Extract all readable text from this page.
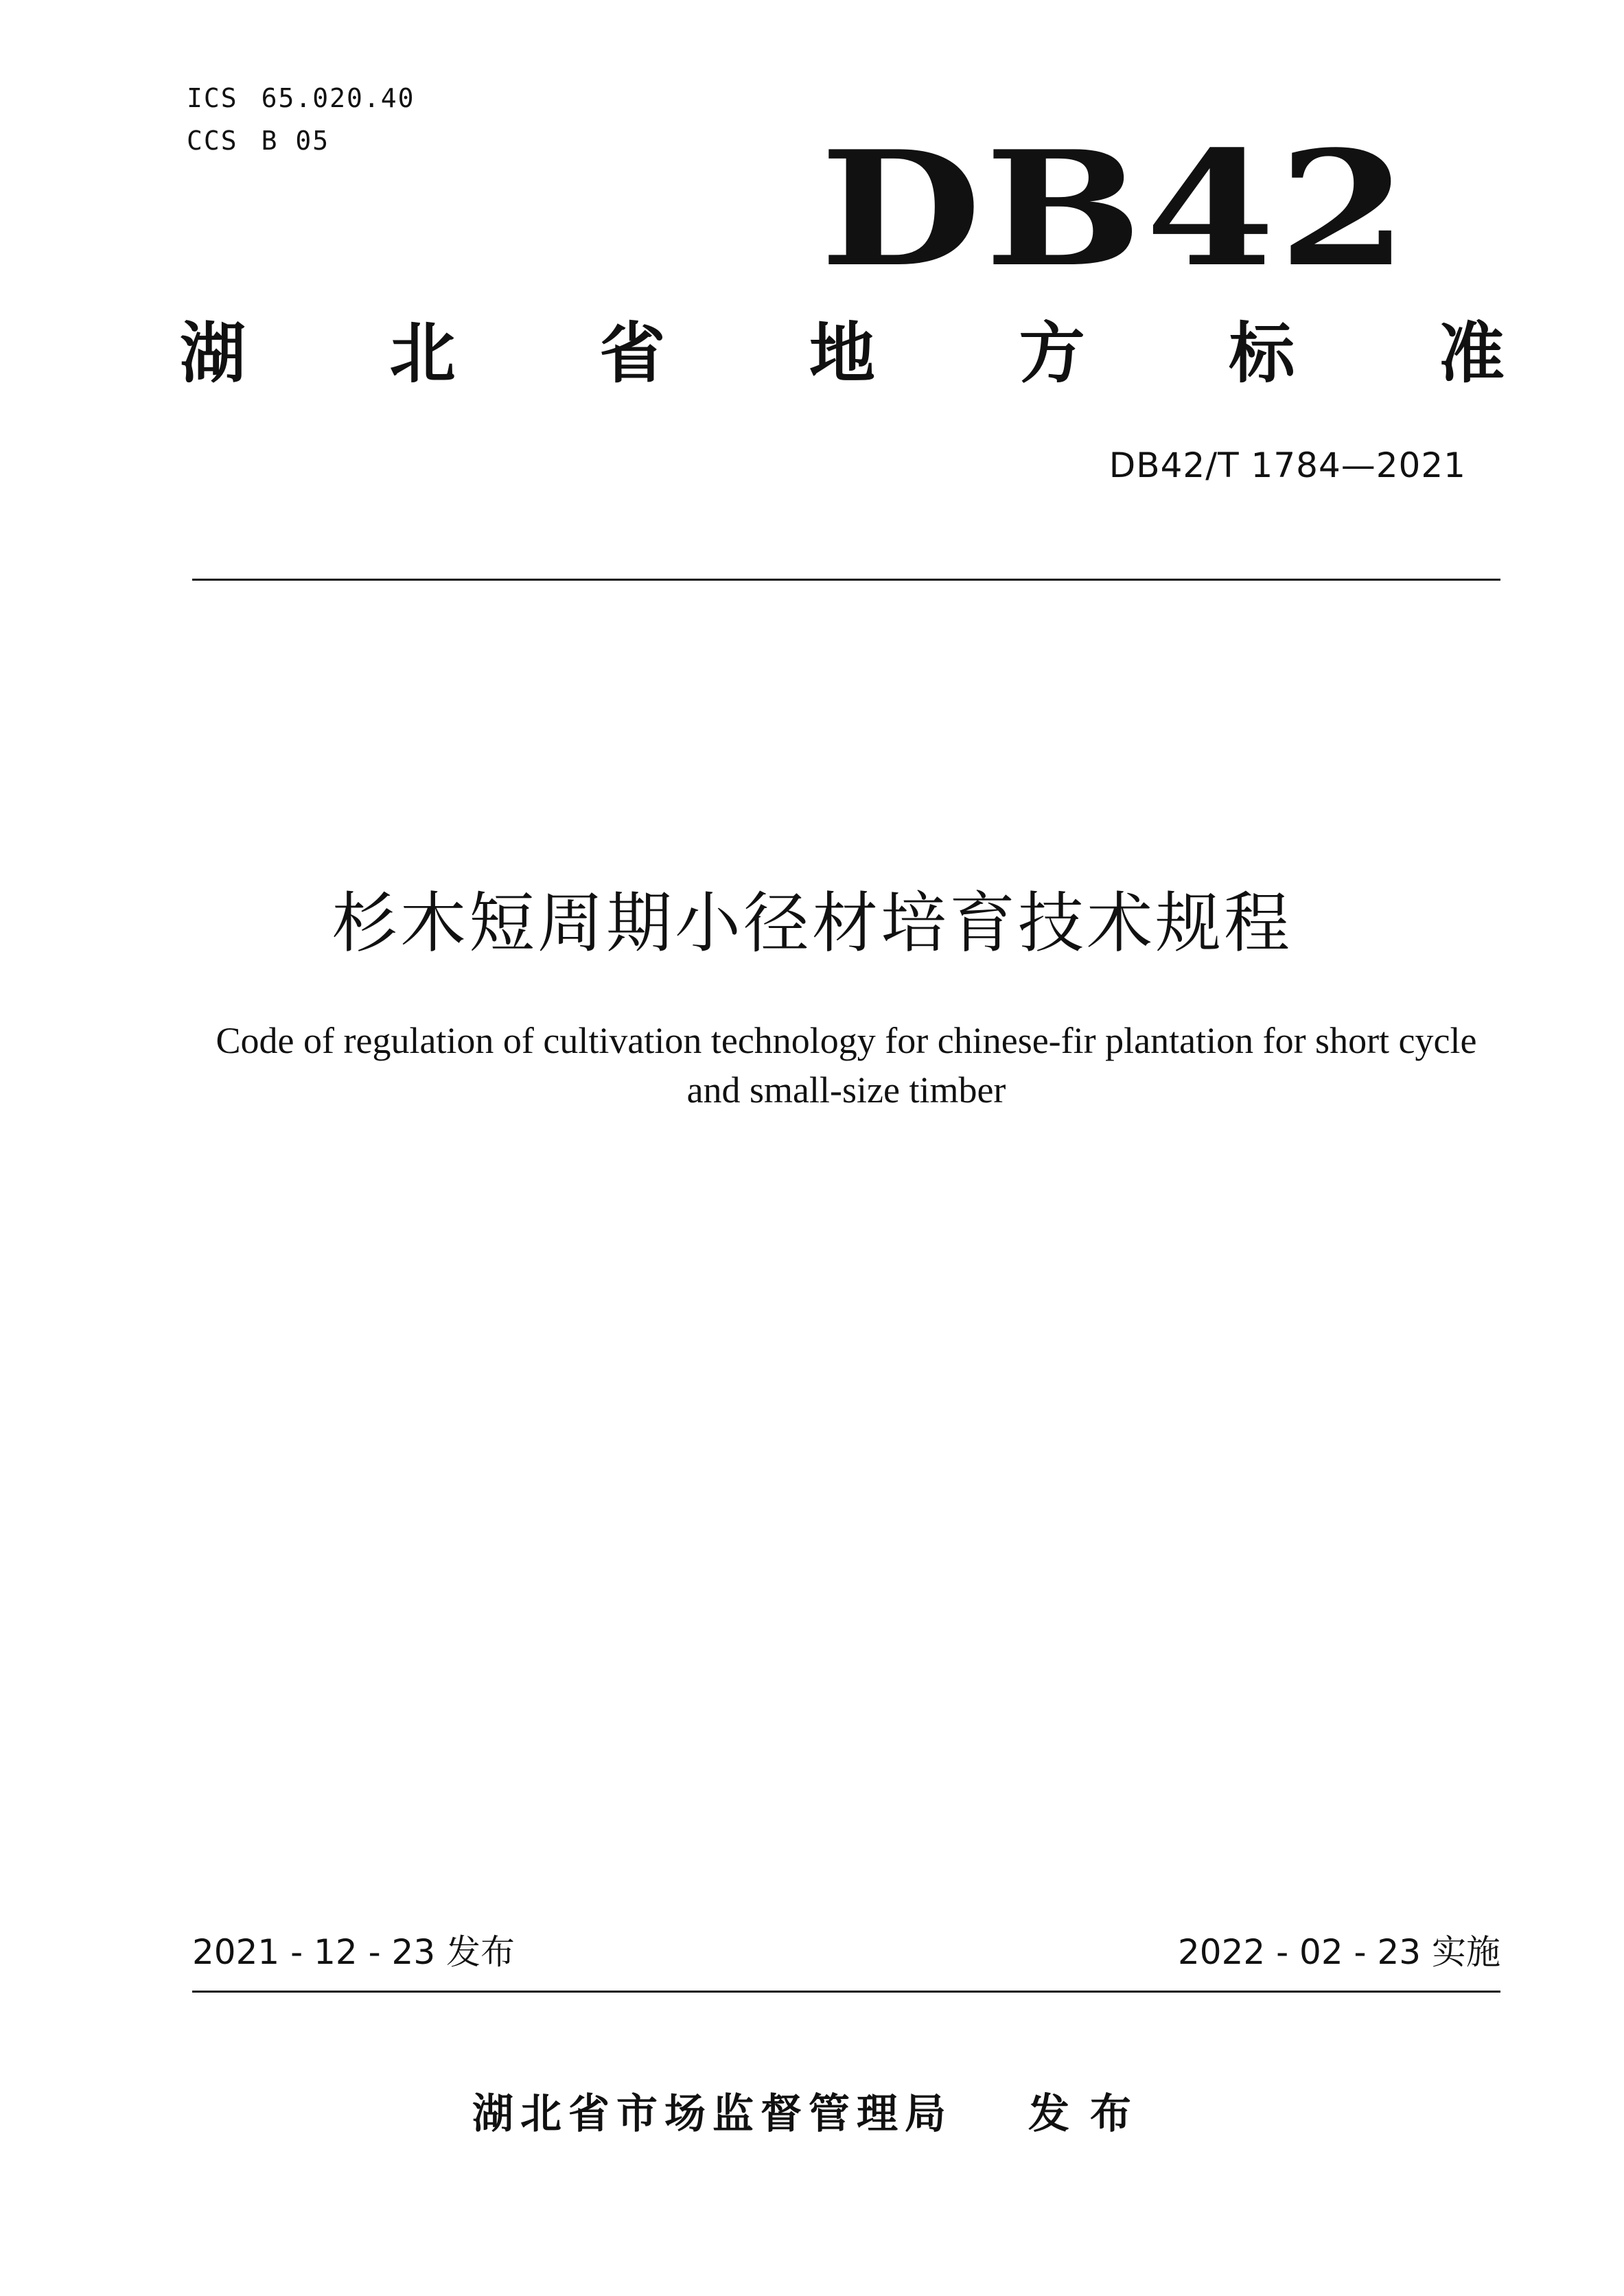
ICS 65.020.40
CCS B 05	DB42
湖 北 省 地 方 标 准
DB42/T 1784—2021
杉木短周期小径材培育技术规程
Code of regulation of cultivation technology for chinese-fir plantation for short cycle
and small-size timber
2021 - 12 - 23 发布	2022 - 02 - 23 实施
湖北省市场监督管理局 发布
